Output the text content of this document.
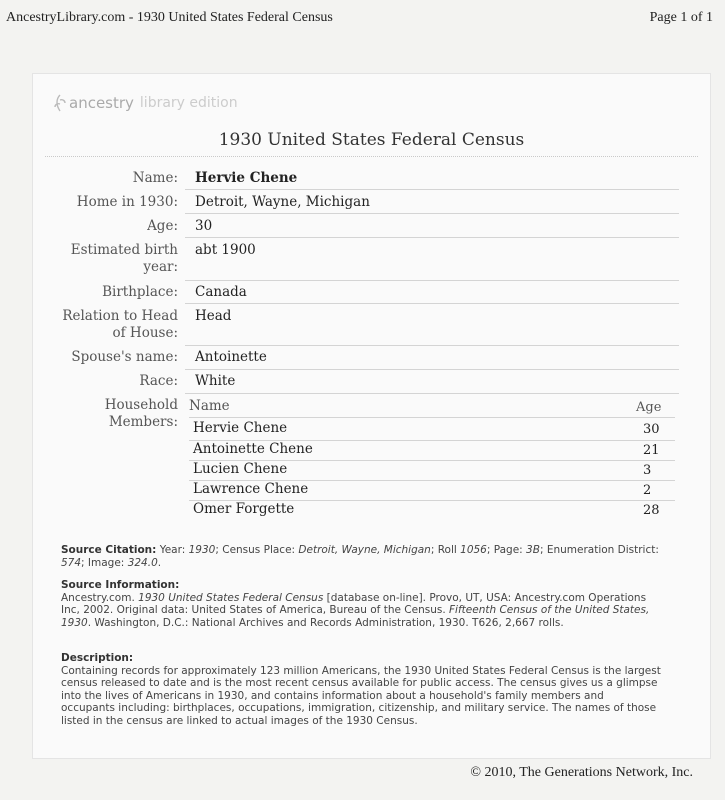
AncestryLibrary.com - 1930 United States Federal Census	Page 1 of 1
ancestry library edition
1930 United States Federal Census
Name: Hervie Chene
Home in 1930: Detroit, Wayne, Michigan
Age: 30
Estimated birth
year:
abt 1900
Birthplace: Canada
Relation to Head
of House:
Head
Spouse's name: Antoinette
Race: White
Household
Members:
Name	Age
Hervie Chene	30
Antoinette Chene	21
Lucien Chene	3
Lawrence Chene	2
Omer Forgette	28
Source Citation: Year: 1930; Census Place: Detroit, Wayne, Michigan; Roll 1056; Page: 3B; Enumeration District: 574; Image: 324.0.
Source Information:
Ancestry.com. 1930 United States Federal Census [database on-line]. Provo, UT, USA: Ancestry.com Operations Inc, 2002. Original data: United States of America, Bureau of the Census. Fifteenth Census of the United States, 1930. Washington, D.C.: National Archives and Records Administration, 1930. T626, 2,667 rolls.
Description:
Containing records for approximately 123 million Americans, the 1930 United States Federal Census is the largest census released to date and is the most recent census available for public access. The census gives us a glimpse into the lives of Americans in 1930, and contains information about a household's family members and occupants including: birthplaces, occupations, immigration, citizenship, and military service. The names of those listed in the census are linked to actual images of the 1930 Census.
© 2010, The Generations Network, Inc.
